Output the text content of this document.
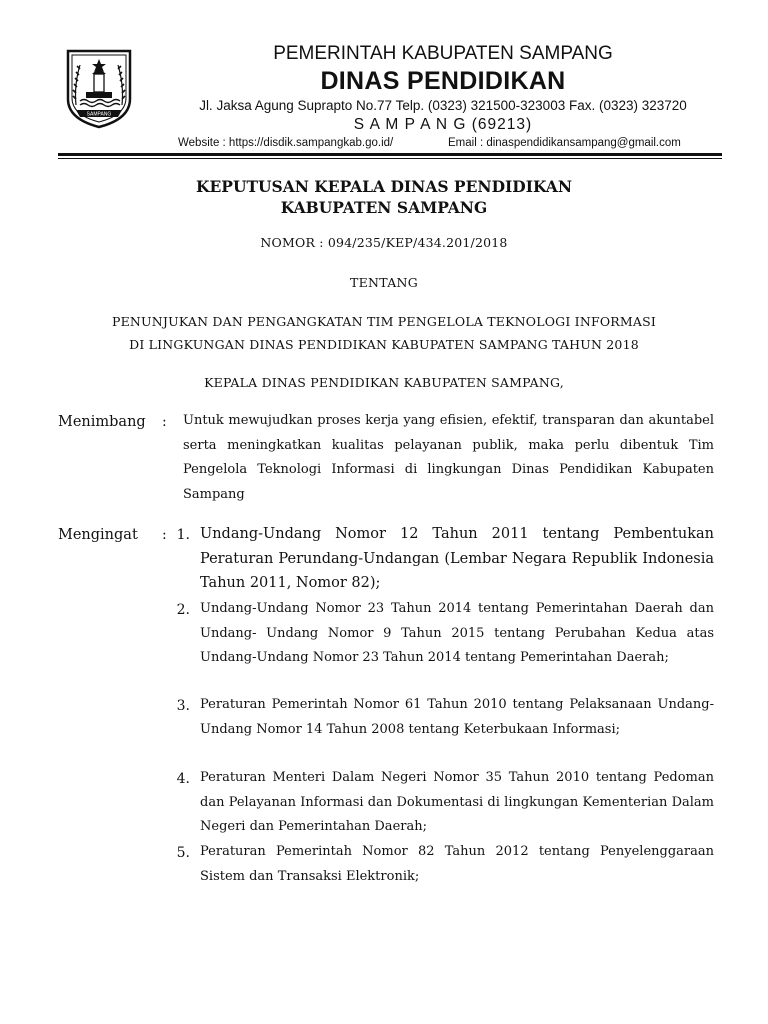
SAMPANG
PEMERINTAH KABUPATEN SAMPANG
DINAS PENDIDIKAN
Jl. Jaksa Agung Suprapto No.77 Telp. (0323) 321500-323003 Fax. (0323) 323720
S A M P A N G (69213)
Website : https://disdik.sampangkab.go.id/	Email : dinaspendidikansampang@gmail.com
KEPUTUSAN KEPALA DINAS PENDIDIKAN
KABUPATEN SAMPANG
NOMOR : 094/235/KEP/434.201/2018
TENTANG
PENUNJUKAN DAN PENGANGKATAN TIM PENGELOLA TEKNOLOGI INFORMASI
DI LINGKUNGAN DINAS PENDIDIKAN KABUPATEN SAMPANG TAHUN 2018
KEPALA DINAS PENDIDIKAN KABUPATEN SAMPANG,
Menimbang : Untuk mewujudkan proses kerja yang efisien, efektif, transparan dan akuntabel serta meningkatkan kualitas pelayanan publik, maka perlu dibentuk Tim Pengelola Teknologi Informasi di lingkungan Dinas Pendidikan Kabupaten Sampang
Mengingat : 1. Undang-Undang Nomor 12 Tahun 2011 tentang Pembentukan Peraturan Perundang-Undangan (Lembar Negara Republik Indonesia Tahun 2011, Nomor 82);
2. Undang-Undang Nomor 23 Tahun 2014 tentang Pemerintahan Daerah dan Undang- Undang Nomor 9 Tahun 2015 tentang Perubahan Kedua atas Undang-Undang Nomor 23 Tahun 2014 tentang Pemerintahan Daerah;
3. Peraturan Pemerintah Nomor 61 Tahun 2010 tentang Pelaksanaan Undang-Undang Nomor 14 Tahun 2008 tentang Keterbukaan Informasi;
4. Peraturan Menteri Dalam Negeri Nomor 35 Tahun 2010 tentang Pedoman dan Pelayanan Informasi dan Dokumentasi di lingkungan Kementerian Dalam Negeri dan Pemerintahan Daerah;
5. Peraturan Pemerintah Nomor 82 Tahun 2012 tentang Penyelenggaraan Sistem dan Transaksi Elektronik;
